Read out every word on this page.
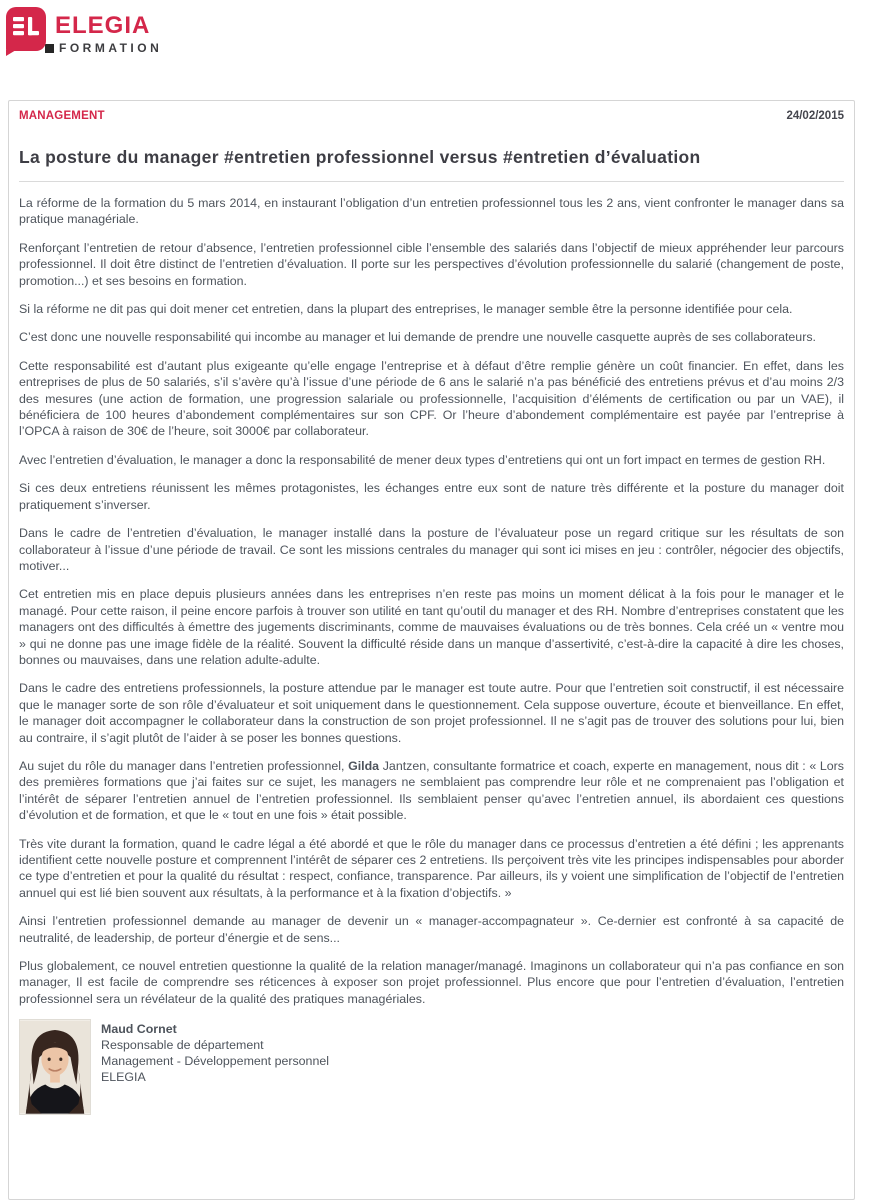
ELEGIA
FORMATION
MANAGEMENT	24/02/2015
La posture du manager #entretien professionnel versus #entretien d’évaluation

La réforme de la formation du 5 mars 2014, en instaurant l’obligation d’un entretien professionnel tous les 2 ans, vient confronter le manager dans sa pratique managériale.

Renforçant l’entretien de retour d’absence, l’entretien professionnel cible l’ensemble des salariés dans l’objectif de mieux appréhender leur parcours professionnel. Il doit être distinct de l’entretien d’évaluation. Il porte sur les perspectives d’évolution professionnelle du salarié (changement de poste, promotion...) et ses besoins en formation.

Si la réforme ne dit pas qui doit mener cet entretien, dans la plupart des entreprises, le manager semble être la personne identifiée pour cela.

C’est donc une nouvelle responsabilité qui incombe au manager et lui demande de prendre une nouvelle casquette auprès de ses collaborateurs.

Cette responsabilité est d’autant plus exigeante qu’elle engage l’entreprise et à défaut d’être remplie génère un coût financier. En effet, dans les entreprises de plus de 50 salariés, s’il s’avère qu’à l’issue d’une période de 6 ans le salarié n’a pas bénéficié des entretiens prévus et d’au moins 2/3 des mesures (une action de formation, une progression salariale ou professionnelle, l’acquisition d’éléments de certification ou par un VAE), il bénéficiera de 100 heures d’abondement complémentaires sur son CPF. Or l’heure d’abondement complémentaire est payée par l’entreprise à l’OPCA à raison de 30€ de l’heure, soit 3000€ par collaborateur.

Avec l’entretien d’évaluation, le manager a donc la responsabilité de mener deux types d’entretiens qui ont un fort impact en termes de gestion RH.

Si ces deux entretiens réunissent les mêmes protagonistes, les échanges entre eux sont de nature très différente et la posture du manager doit pratiquement s’inverser.

Dans le cadre de l’entretien d’évaluation, le manager installé dans la posture de l’évaluateur pose un regard critique sur les résultats de son collaborateur à l’issue d’une période de travail. Ce sont les missions centrales du manager qui sont ici mises en jeu : contrôler, négocier des objectifs, motiver...

Cet entretien mis en place depuis plusieurs années dans les entreprises n’en reste pas moins un moment délicat à la fois pour le manager et le managé. Pour cette raison, il peine encore parfois à trouver son utilité en tant qu’outil du manager et des RH. Nombre d’entreprises constatent que les managers ont des difficultés à émettre des jugements discriminants, comme de mauvaises évaluations ou de très bonnes. Cela créé un « ventre mou » qui ne donne pas une image fidèle de la réalité. Souvent la difficulté réside dans un manque d’assertivité, c’est-à-dire la capacité à dire les choses, bonnes ou mauvaises, dans une relation adulte-adulte.

Dans le cadre des entretiens professionnels, la posture attendue par le manager est toute autre. Pour que l’entretien soit constructif, il est nécessaire que le manager sorte de son rôle d’évaluateur et soit uniquement dans le questionnement. Cela suppose ouverture, écoute et bienveillance. En effet, le manager doit accompagner le collaborateur dans la construction de son projet professionnel. Il ne s’agit pas de trouver des solutions pour lui, bien au contraire, il s’agit plutôt de l’aider à se poser les bonnes questions.

Au sujet du rôle du manager dans l’entretien professionnel, Gilda Jantzen, consultante formatrice et coach, experte en management, nous dit : « Lors des premières formations que j’ai faites sur ce sujet, les managers ne semblaient pas comprendre leur rôle et ne comprenaient pas l’obligation et l’intérêt de séparer l’entretien annuel de l’entretien professionnel. Ils semblaient penser qu’avec l’entretien annuel, ils abordaient ces questions d’évolution et de formation, et que le « tout en une fois » était possible.

Très vite durant la formation, quand le cadre légal a été abordé et que le rôle du manager dans ce processus d’entretien a été défini ; les apprenants identifient cette nouvelle posture et comprennent l’intérêt de séparer ces 2 entretiens. Ils perçoivent très vite les principes indispensables pour aborder ce type d’entretien et pour la qualité du résultat : respect, confiance, transparence. Par ailleurs, ils y voient une simplification de l’objectif de l’entretien annuel qui est lié bien souvent aux résultats, à la performance et à la fixation d’objectifs. »

Ainsi l’entretien professionnel demande au manager de devenir un « manager-accompagnateur ». Ce-dernier est confronté à sa capacité de neutralité, de leadership, de porteur d’énergie et de sens...

Plus globalement, ce nouvel entretien questionne la qualité de la relation manager/managé. Imaginons un collaborateur qui n’a pas confiance en son manager, Il est facile de comprendre ses réticences à exposer son projet professionnel. Plus encore que pour l’entretien d’évaluation, l’entretien professionnel sera un révélateur de la qualité des pratiques managériales.

Maud Cornet
Responsable de département
Management - Développement personnel
ELEGIA
